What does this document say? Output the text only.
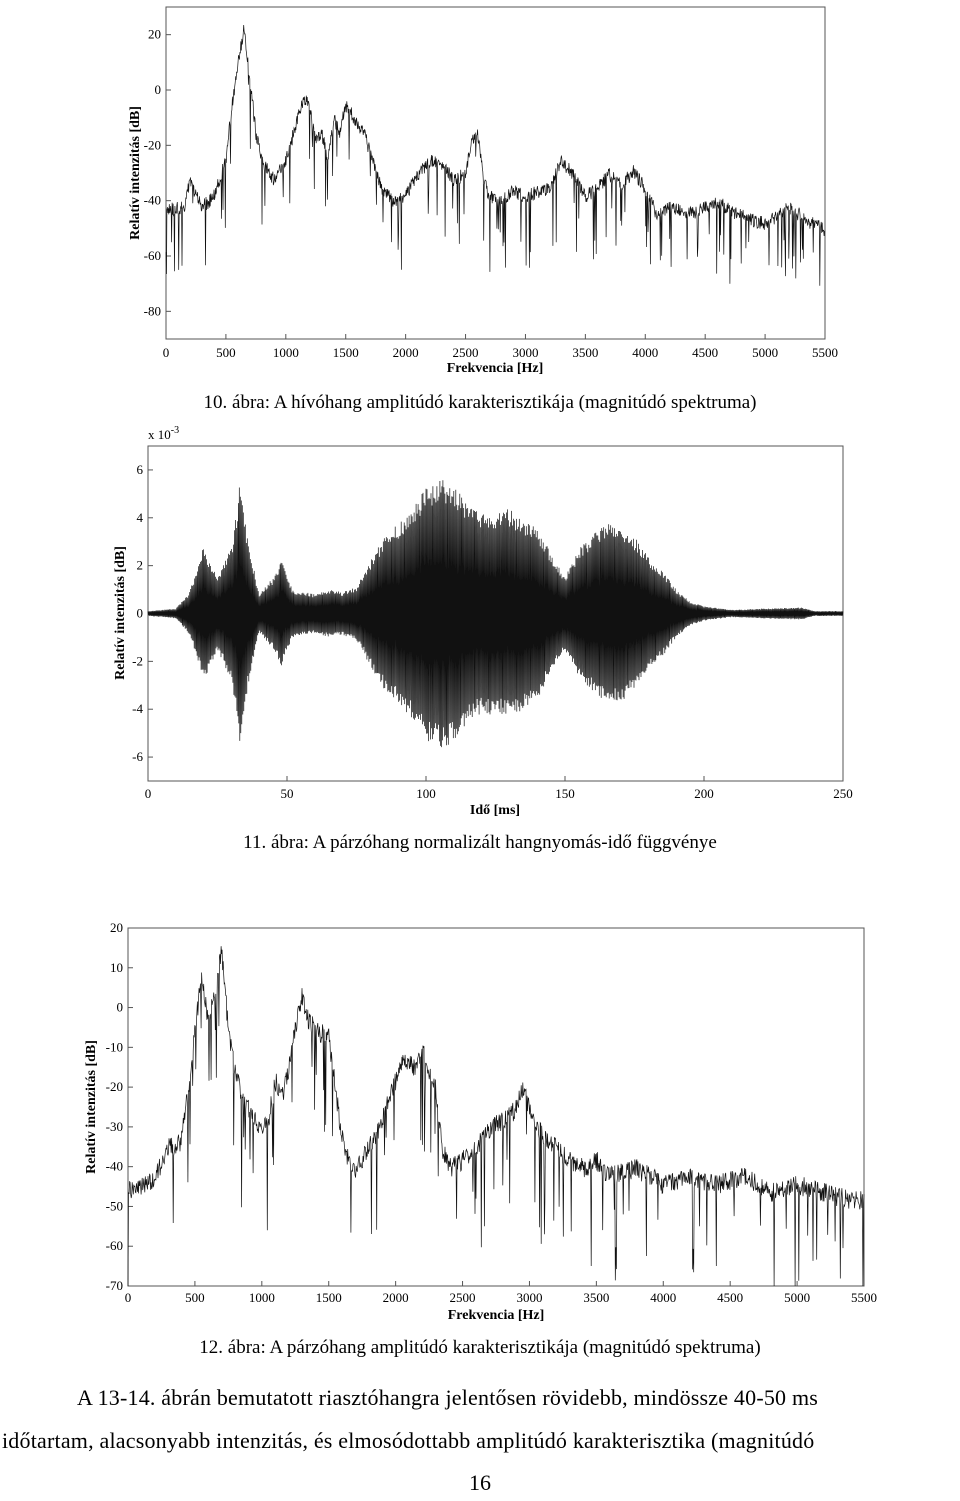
0	500	1000	1500	2000	2500	3000	3500	4000	4500	5000	5500
20
0
-20
-40
-60
-80
Relatív intenzitás [dB]
Frekvencia [Hz]
0	50	100	150	200	250
6
4
2
0
-2
-4
-6
x $10^{-3}$
Relatív intenzitás [dB]
Idő [ms]
0	500	1000	1500	2000	2500	3000	3500	4000	4500	5000	5500
20
10
0
-10
-20
-30
-40
-50
-60
-70
Relatív intenzitás [dB]
Frekvencia [Hz]
10. ábra: A hívóhang amplitúdó karakterisztikája (magnitúdó spektruma)
11. ábra: A párzóhang normalizált hangnyomás-idő függvénye
12. ábra: A párzóhang amplitúdó karakterisztikája (magnitúdó spektruma)
A 13-14. ábrán bemutatott riasztóhangra jelentősen rövidebb, mindössze 40-50 ms
időtartam, alacsonyabb intenzitás, és elmosódottabb amplitúdó karakterisztika (magnitúdó
16
